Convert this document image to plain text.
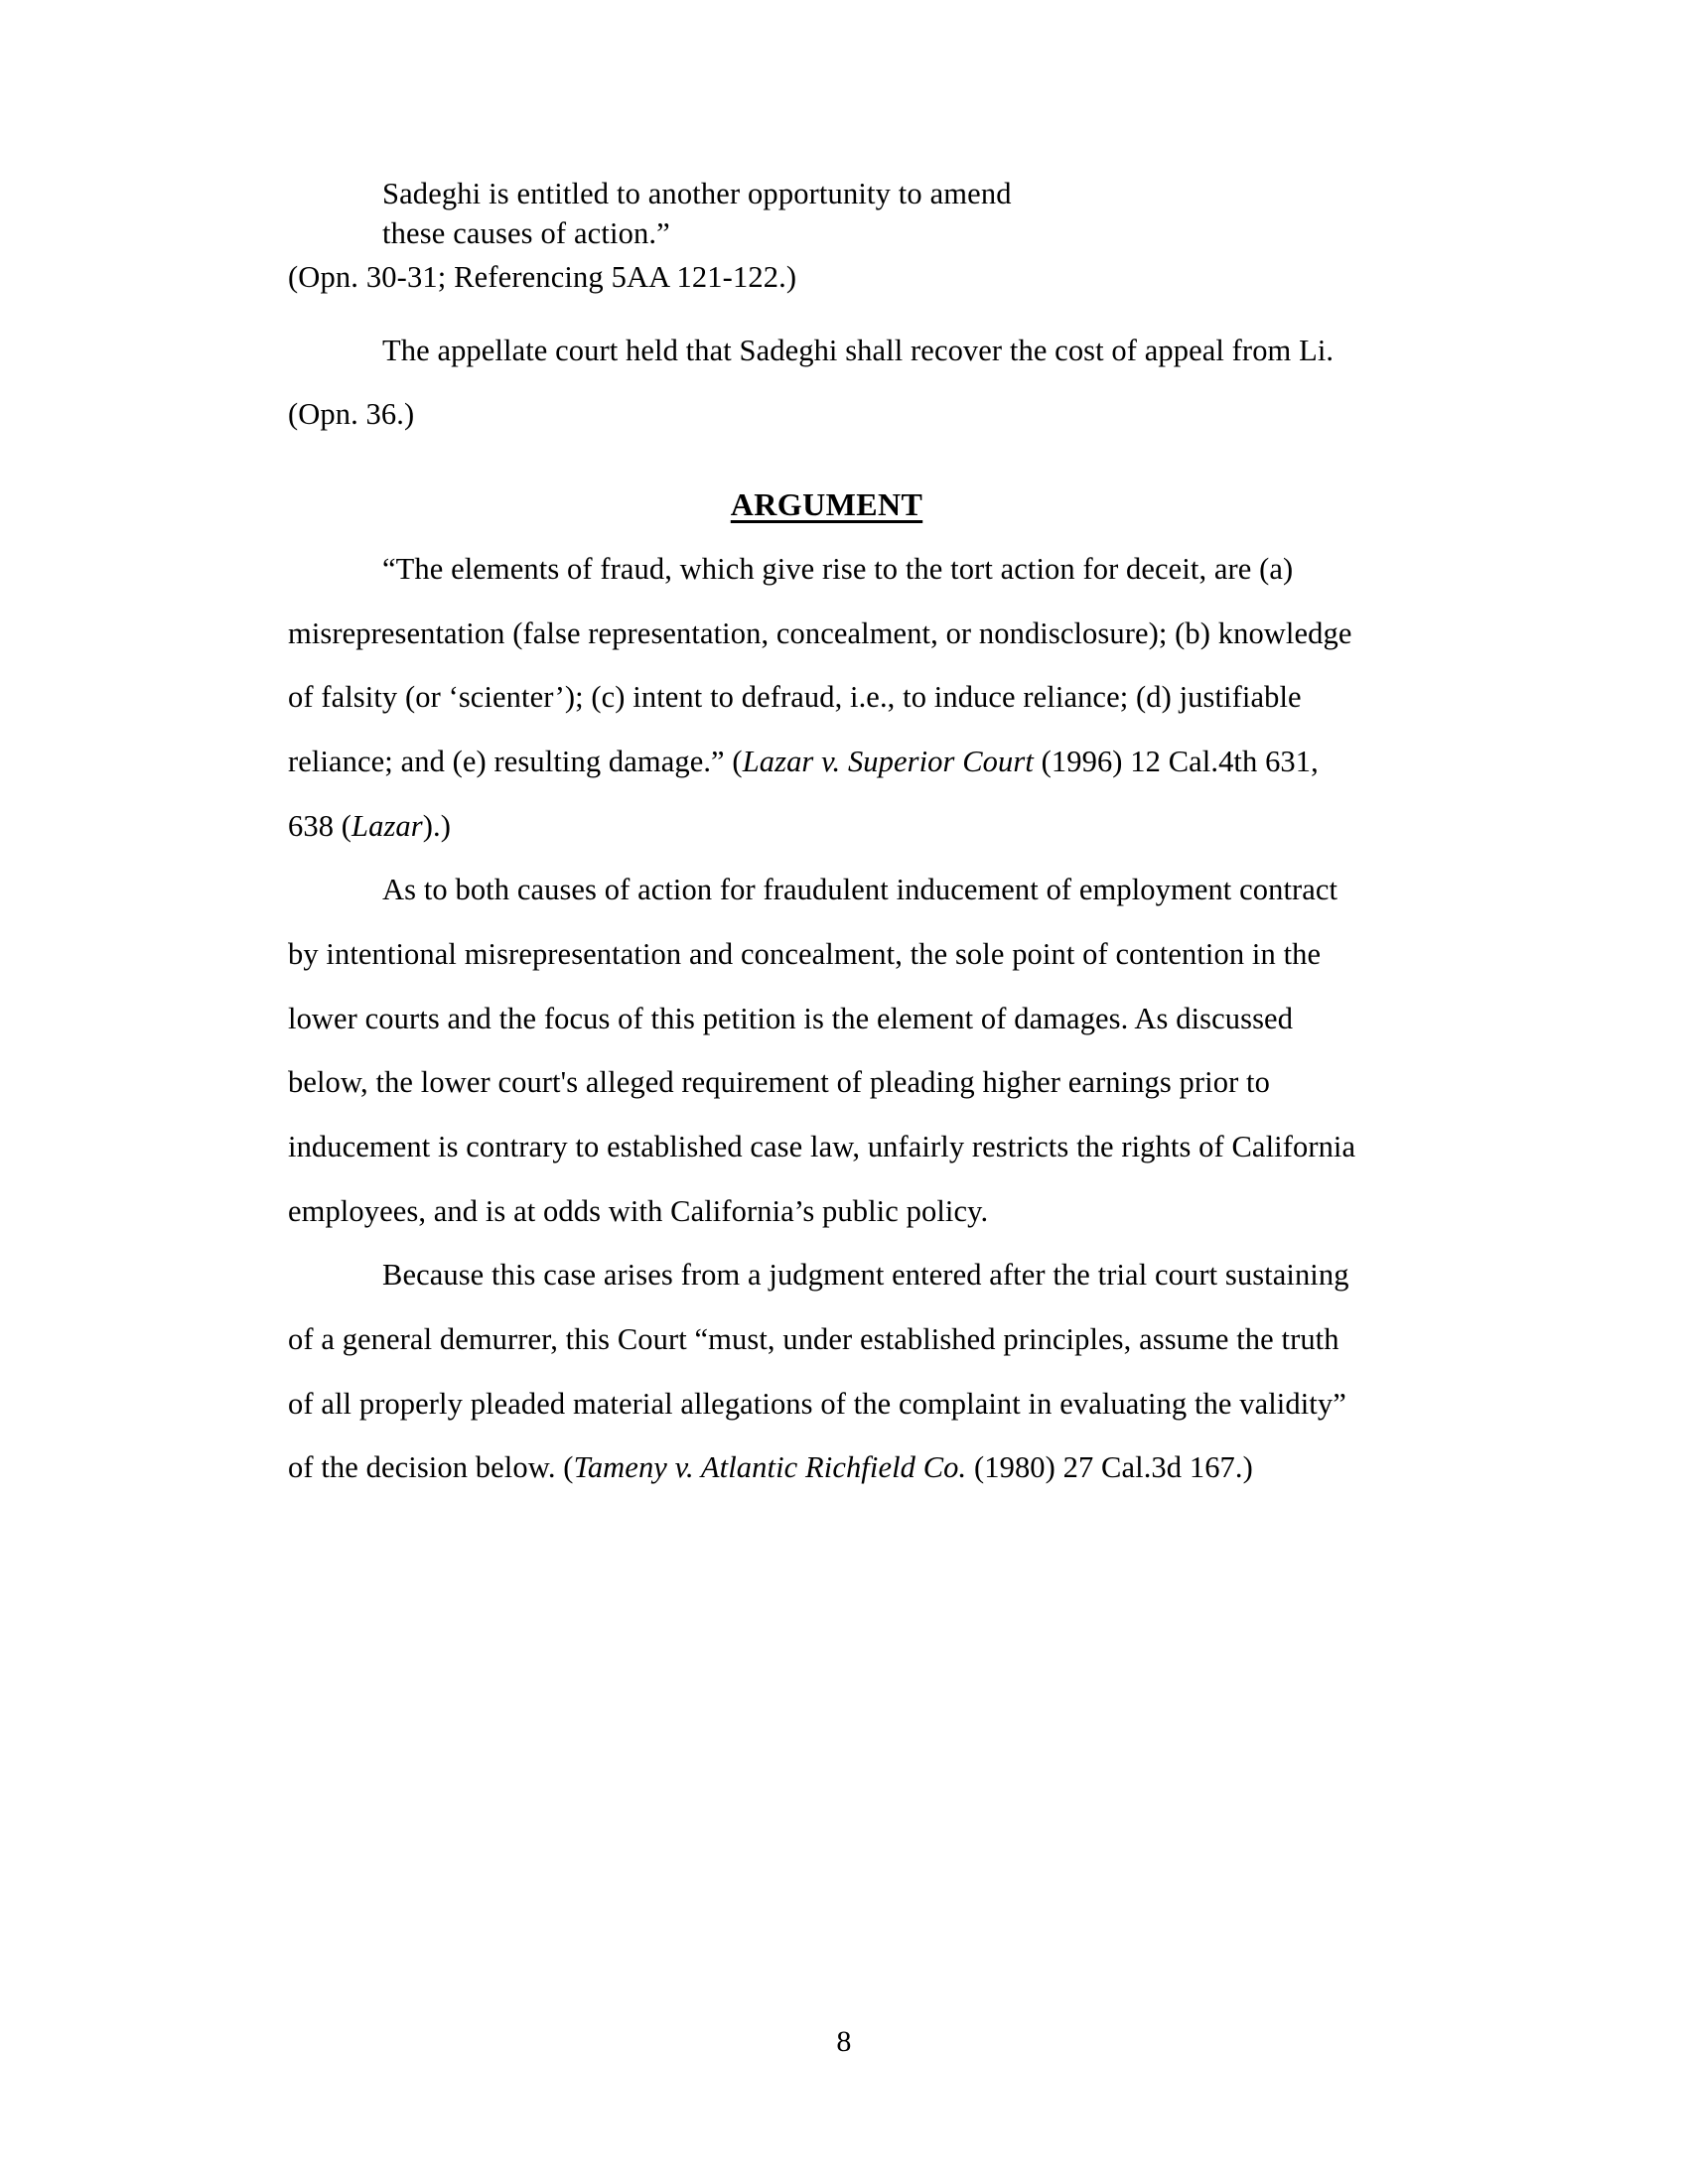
Sadeghi is entitled to another opportunity to amend

these causes of action.”

(Opn. 30-31; Referencing 5AA 121-122.)

The appellate court held that Sadeghi shall recover the cost of appeal from Li. (Opn. 36.)

ARGUMENT

“The elements of fraud, which give rise to the tort action for deceit, are (a) misrepresentation (false representation, concealment, or nondisclosure); (b) knowledge of falsity (or ‘scienter’); (c) intent to defraud, i.e., to induce reliance; (d) justifiable reliance; and (e) resulting damage.” (Lazar v. Superior Court (1996) 12 Cal.4th 631, 638 (Lazar).)

As to both causes of action for fraudulent inducement of employment contract by intentional misrepresentation and concealment, the sole point of contention in the lower courts and the focus of this petition is the element of damages. As discussed below, the lower court's alleged requirement of pleading higher earnings prior to inducement is contrary to established case law, unfairly restricts the rights of California employees, and is at odds with California’s public policy.

Because this case arises from a judgment entered after the trial court sustaining of a general demurrer, this Court “must, under established principles, assume the truth of all properly pleaded material allegations of the complaint in evaluating the validity” of the decision below. (Tameny v. Atlantic Richfield Co. (1980) 27 Cal.3d 167.)

8
